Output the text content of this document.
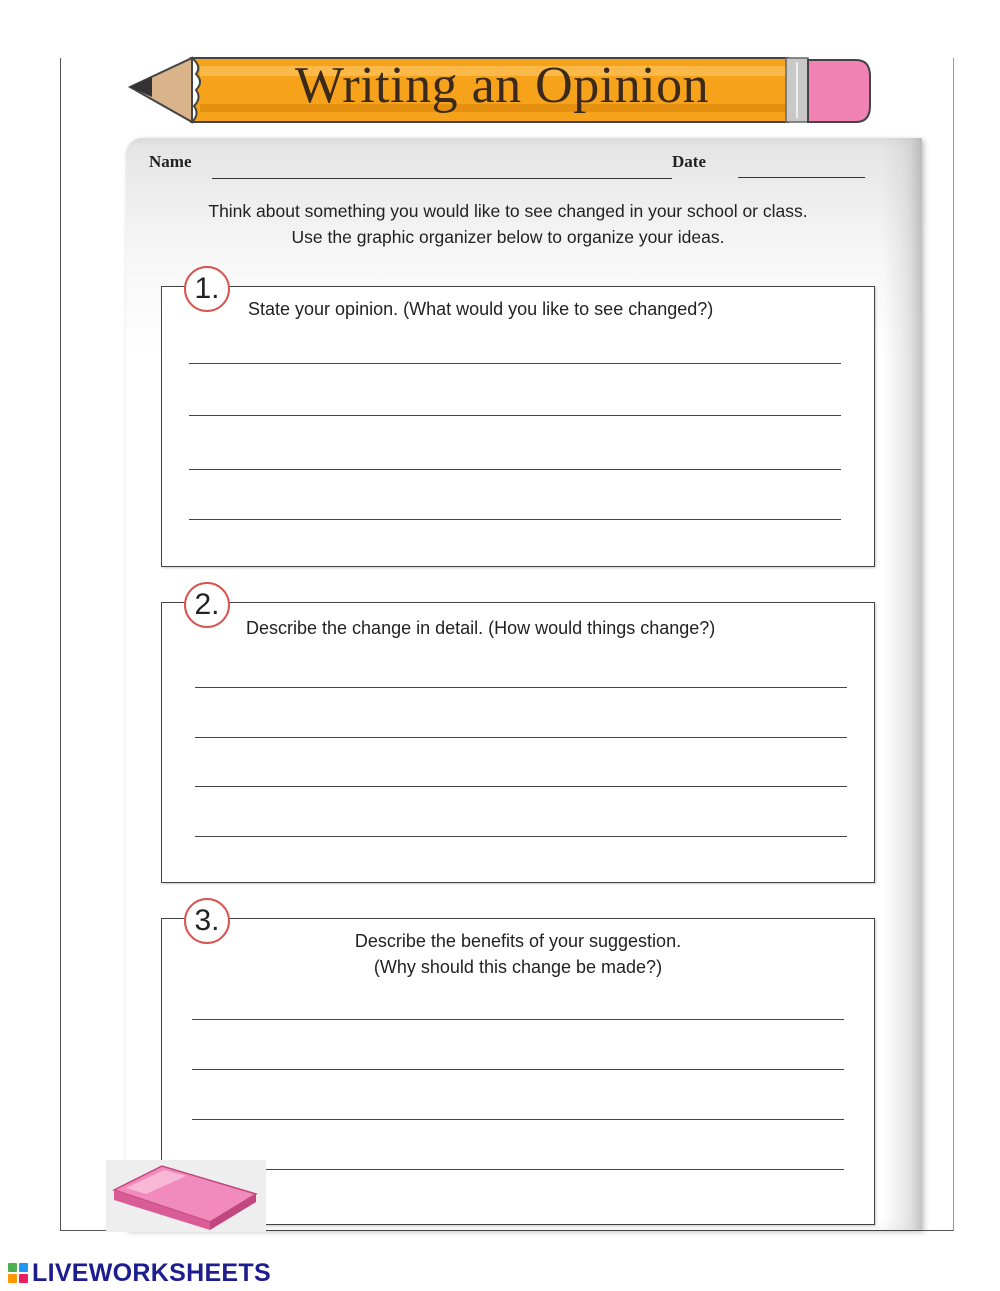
Writing an Opinion
Name	Date
Think about something you would like to see changed in your school or class.
Use the graphic organizer below to organize your ideas.
State your opinion. (What would you like to see changed?)
1.
Describe the change in detail. (How would things change?)
2.
Describe the benefits of your suggestion.
(Why should this change be made?)
3.
LIVEWORKSHEETS
